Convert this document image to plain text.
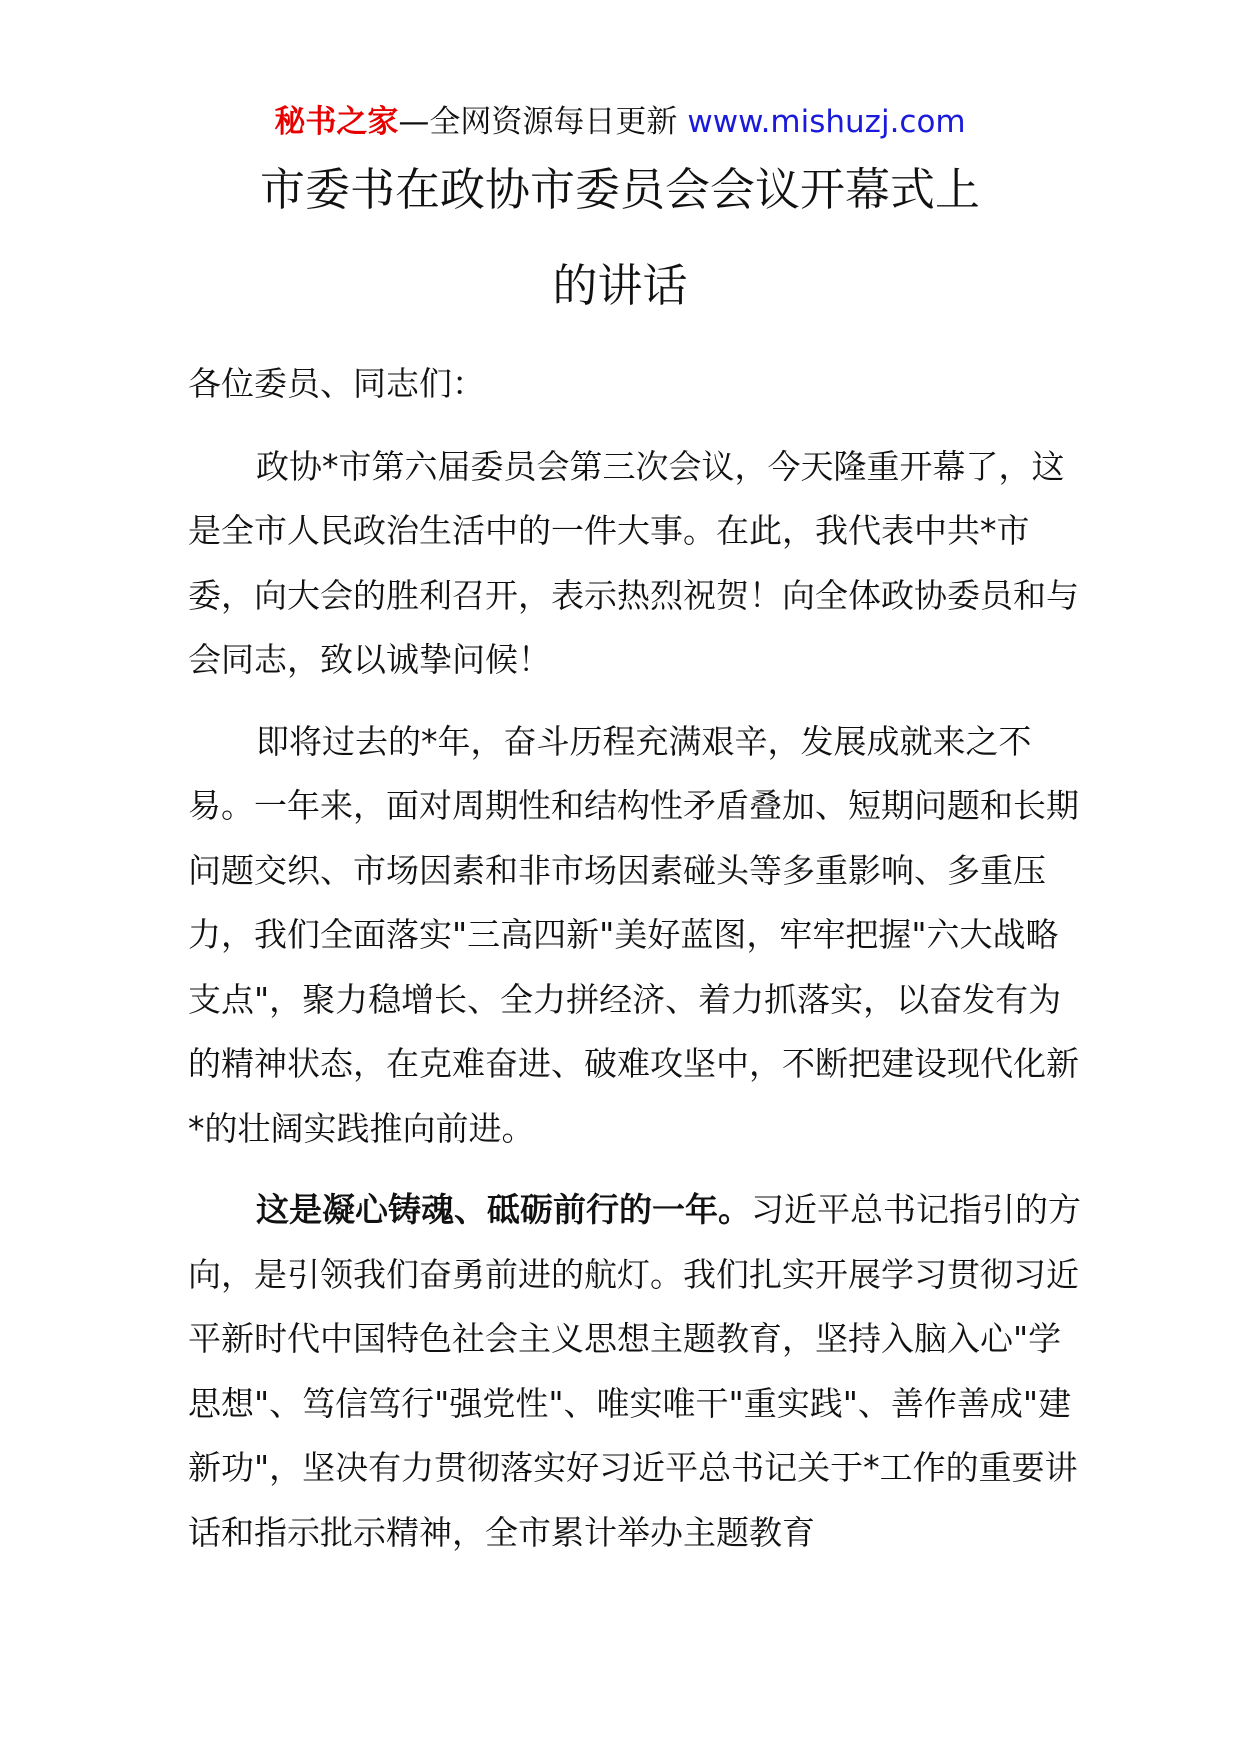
秘书之家—全网资源每日更新 www.mishuzj.com
市委书在政协市委员会会议开幕式上
的讲话

各位委员、同志们：

政协*市第六届委员会第三次会议，今天隆重开幕了，这是全市人民政治生活中的一件大事。在此，我代表中共*市委，向大会的胜利召开，表示热烈祝贺！向全体政协委员和与会同志，致以诚挚问候！

即将过去的*年，奋斗历程充满艰辛，发展成就来之不易。一年来，面对周期性和结构性矛盾叠加、短期问题和长期问题交织、市场因素和非市场因素碰头等多重影响、多重压力，我们全面落实"三高四新"美好蓝图，牢牢把握"六大战略支点"，聚力稳增长、全力拼经济、着力抓落实，以奋发有为的精神状态，在克难奋进、破难攻坚中，不断把建设现代化新*的壮阔实践推向前进。

这是凝心铸魂、砥砺前行的一年。习近平总书记指引的方向，是引领我们奋勇前进的航灯。我们扎实开展学习贯彻习近平新时代中国特色社会主义思想主题教育，坚持入脑入心"学思想"、笃信笃行"强党性"、唯实唯干"重实践"、善作善成"建新功"，坚决有力贯彻落实好习近平总书记关于*工作的重要讲话和指示批示精神，全市累计举办主题教育
